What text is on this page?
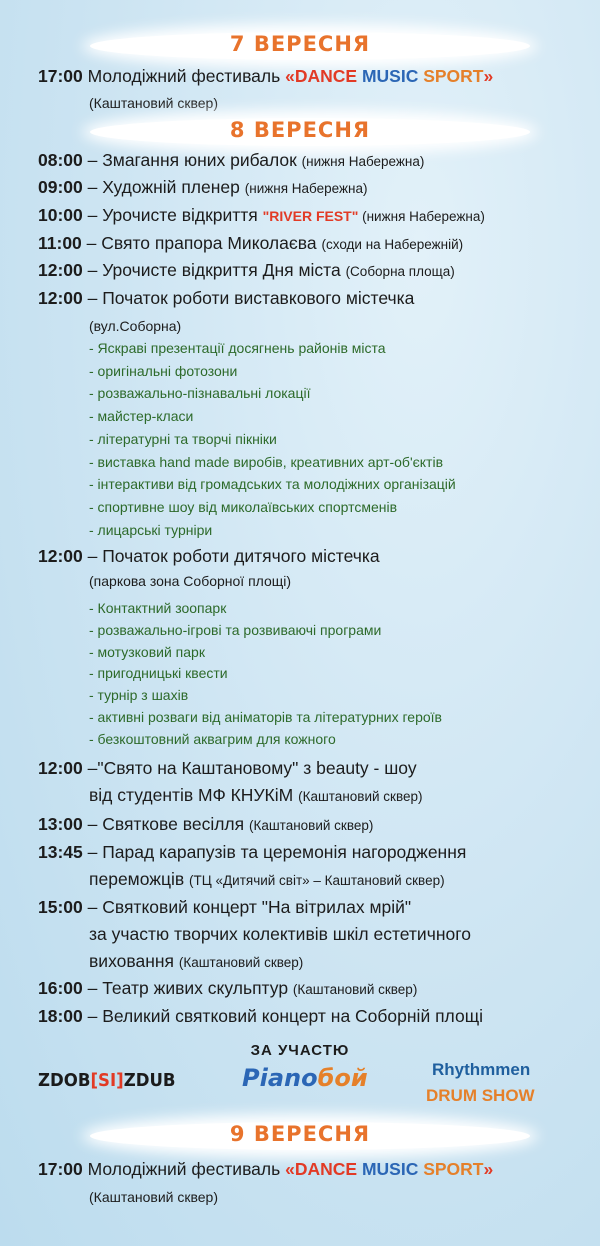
7 ВЕРЕСНЯ
17:00 Молодіжний фестиваль «DANCE MUSIC SPORT»
(Каштановий сквер)
8 ВЕРЕСНЯ
08:00 – Змагання юних рибалок (нижня Набережна)
09:00 – Художній пленер (нижня Набережна)
10:00 – Урочисте відкриття "RIVER FEST" (нижня Набережна)
11:00 – Свято прапора Миколаєва (сходи на Набережній)
12:00 – Урочисте відкриття Дня міста (Соборна площа)
12:00 – Початок роботи виставкового містечка
(вул.Соборна)
- Яскраві презентації досягнень районів міста
- оригінальні фотозони
- розважально-пізнавальні локації
- майстер-класи
- літературні та творчі пікніки
- виставка hand made виробів, креативних арт-об'єктів
- інтерактиви від громадських та молодіжних організацій
- спортивне шоу від миколаївських спортсменів
- лицарські турніри
12:00 – Початок роботи дитячого містечка
(паркова зона Соборної площі)
- Контактний зоопарк
- розважально-ігрові та розвиваючі програми
- мотузковий парк
- пригодницькі квести
- турнір з шахів
- активні розваги від аніматорів та літературних героїв
- безкоштовний аквагрим для кожного
12:00 –"Свято на Каштановому" з beauty - шоу
від студентів МФ КНУКіМ (Каштановий сквер)
13:00 – Святкове весілля (Каштановий сквер)
13:45 – Парад карапузів та церемонія нагородження
переможців (ТЦ «Дитячий світ» – Каштановий сквер)
15:00 – Святковий концерт "На вітрилах мрій"
за участю творчих колективів шкіл естетичного
виховання (Каштановий сквер)
16:00 – Театр живих скульптур (Каштановий сквер)
18:00 – Великий святковий концерт на Соборній площі
ЗА УЧАСТЮ
ZDOB[SI]ZDUB	Pianoбой	Rhythmmen
DRUM SHOW
9 ВЕРЕСНЯ
17:00 Молодіжний фестиваль «DANCE MUSIC SPORT»
(Каштановий сквер)
